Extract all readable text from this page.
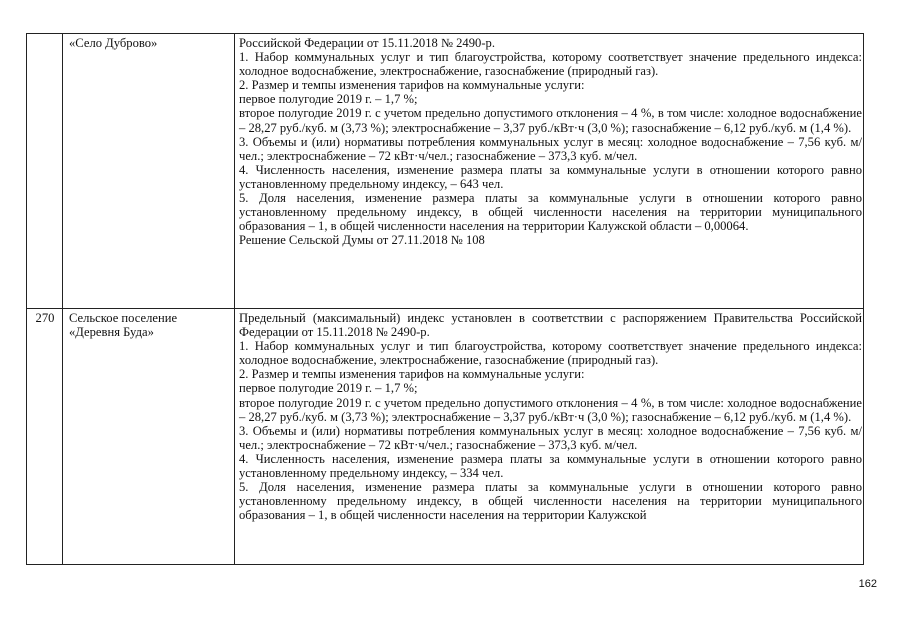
«Село Дуброво»	Российской Федерации от 15.11.2018 № 2490-р.

1. Набор коммунальных услуг и тип благоустройства, которому соответствует значение предельного индекса: холодное водоснабжение, электроснабжение, газоснабжение (природный газ).

2. Размер и темпы изменения тарифов на коммунальные услуги:

первое полугодие 2019 г. – 1,7 %;

второе полугодие 2019 г. с учетом предельно допустимого отклонения – 4 %, в том числе: холодное водоснабжение – 28,27 руб./куб. м (3,73 %); электроснабжение – 3,37 руб./кВт·ч (3,0 %); газоснабжение – 6,12 руб./куб. м (1,4 %).

3. Объемы и (или) нормативы потребления коммунальных услуг в месяц: холодное водоснабжение – 7,56 куб. м/чел.; электроснабжение – 72 кВт·ч/чел.; газоснабжение – 373,3 куб. м/чел.

4. Численность населения, изменение размера платы за коммунальные услуги в отношении которого равно установленному предельному индексу, – 643 чел.

5. Доля населения, изменение размера платы за коммунальные услуги в отношении которого равно установленному предельному индексу, в общей численности населения на территории муниципального образования – 1, в общей численности населения на территории Калужской области – 0,00064.

Решение Сельской Думы от 27.11.2018 № 108

270	Сельское поселение

«Деревня Буда»

Предельный (максимальный) индекс установлен в соответствии с распоряжением Правительства Российской Федерации от 15.11.2018 № 2490-р.

1. Набор коммунальных услуг и тип благоустройства, которому соответствует значение предельного индекса: холодное водоснабжение, электроснабжение, газоснабжение (природный газ).

2. Размер и темпы изменения тарифов на коммунальные услуги:

первое полугодие 2019 г. – 1,7 %;

второе полугодие 2019 г. с учетом предельно допустимого отклонения – 4 %, в том числе: холодное водоснабжение – 28,27 руб./куб. м (3,73 %); электроснабжение – 3,37 руб./кВт·ч (3,0 %); газоснабжение – 6,12 руб./куб. м (1,4 %).

3. Объемы и (или) нормативы потребления коммунальных услуг в месяц: холодное водоснабжение – 7,56 куб. м/чел.; электроснабжение – 72 кВт·ч/чел.; газоснабжение – 373,3 куб. м/чел.

4. Численность населения, изменение размера платы за коммунальные услуги в отношении которого равно установленному предельному индексу, – 334 чел.

5. Доля населения, изменение размера платы за коммунальные услуги в отношении которого равно установленному предельному индексу, в общей численности населения на территории муниципального образования – 1, в общей численности населения на территории Калужской

162
